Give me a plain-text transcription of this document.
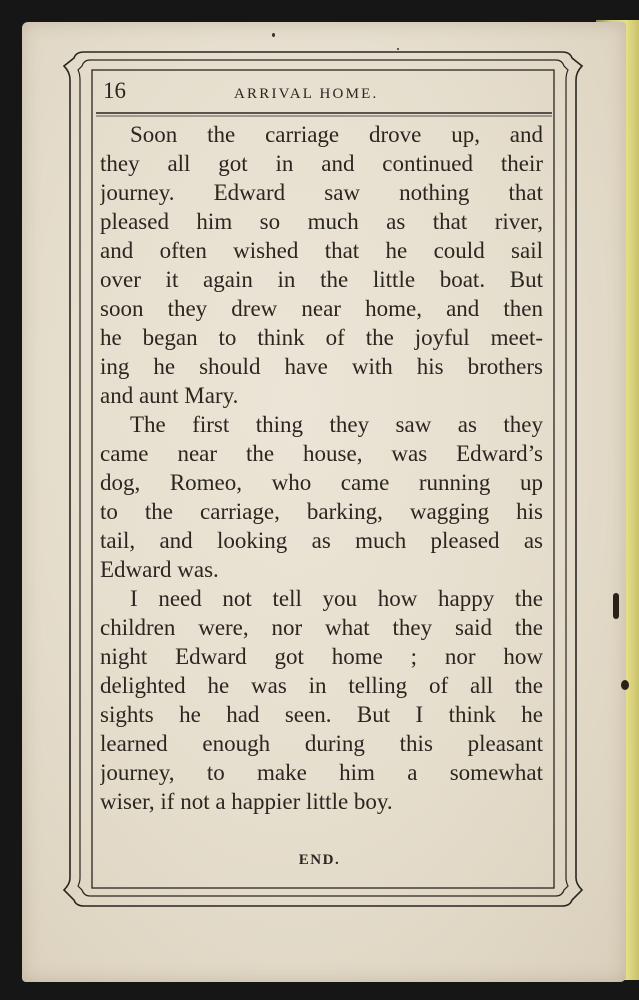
16	ARRIVAL HOME.
Soon the carriage drove up, and
they all got in and continued their
journey. Edward saw nothing that
pleased him so much as that river,
and often wished that he could sail
over it again in the little boat. But
soon they drew near home, and then
he began to think of the joyful meet-
ing he should have with his brothers
and aunt Mary.
The first thing they saw as they
came near the house, was Edward’s
dog, Romeo, who came running up
to the carriage, barking, wagging his
tail, and looking as much pleased as
Edward was.
I need not tell you how happy the
children were, nor what they said the
night Edward got home ; nor how
delighted he was in telling of all the
sights he had seen. But I think he
learned enough during this pleasant
journey, to make him a somewhat
wiser, if not a happier little boy.
END.
